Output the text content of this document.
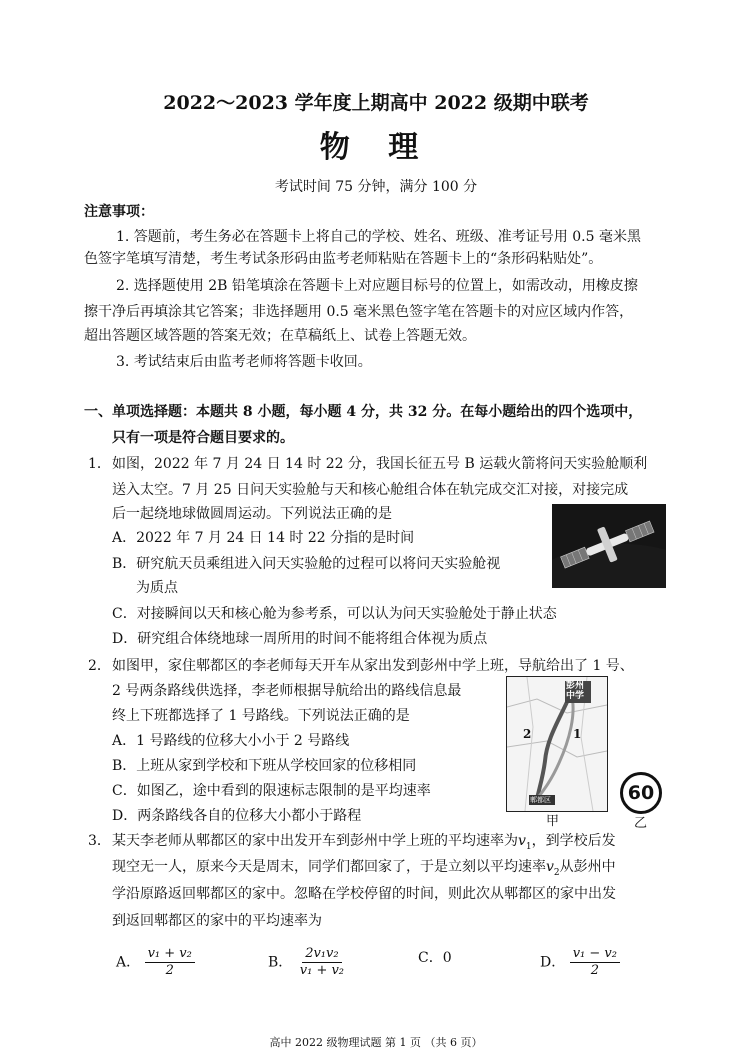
2022～2023 学年度上期高中 2022 级期中联考
物 理
考试时间 75 分钟，满分 100 分
注意事项：
1. 答题前，考生务必在答题卡上将自己的学校、姓名、班级、准考证号用 0.5 毫米黑
色签字笔填写清楚，考生考试条形码由监考老师粘贴在答题卡上的“条形码粘贴处”。
2. 选择题使用 2B 铅笔填涂在答题卡上对应题目标号的位置上，如需改动，用橡皮擦
擦干净后再填涂其它答案；非选择题用 0.5 毫米黑色签字笔在答题卡的对应区域内作答，
超出答题区域答题的答案无效；在草稿纸上、试卷上答题无效。
3. 考试结束后由监考老师将答题卡收回。
一、单项选择题：本题共 8 小题，每小题 4 分，共 32 分。在每小题给出的四个选项中，
只有一项是符合题目要求的。
1． 如图，2022 年 7 月 24 日 14 时 22 分，我国长征五号 B 运载火箭将问天实验舱顺利
送入太空。7 月 25 日问天实验舱与天和核心舱组合体在轨完成交汇对接，对接完成
后一起绕地球做圆周运动。下列说法正确的是
A．2022 年 7 月 24 日 14 时 22 分指的是时间
B．研究航天员乘组进入问天实验舱的过程可以将问天实验舱视
为质点
C．对接瞬间以天和核心舱为参考系，可以认为问天实验舱处于静止状态
D．研究组合体绕地球一周所用的时间不能将组合体视为质点
2． 如图甲，家住郫都区的李老师每天开车从家出发到彭州中学上班，导航给出了 1 号、
2 号两条路线供选择，李老师根据导航给出的路线信息最
终上下班都选择了 1 号路线。下列说法正确的是
A．1 号路线的位移大小小于 2 号路线
B．上班从家到学校和下班从学校回家的位移相同
C．如图乙，途中看到的限速标志限制的是平均速率
D．两条路线各自的位移大小都小于路程
彭州
中学
1
2
郫都区
甲
60
乙
3． 某天李老师从郫都区的家中出发开车到彭州中学上班的平均速率为$v_1$，到学校后发
现空无一人，原来今天是周末，同学们都回家了，于是立刻以平均速率$v_2$从彭州中
学沿原路返回郫都区的家中。忽略在学校停留的时间，则此次从郫都区的家中出发
到返回郫都区的家中的平均速率为
A． $\frac{\text{v₁ + v₂}}{2}$	B． $\frac{\text{2v₁v₂}}{\text{v₁ + v₂}}$	C．0	D． $\frac{\text{v₁ − v₂}}{2}$
高中 2022 级物理试题 第 1 页 （共 6 页）
